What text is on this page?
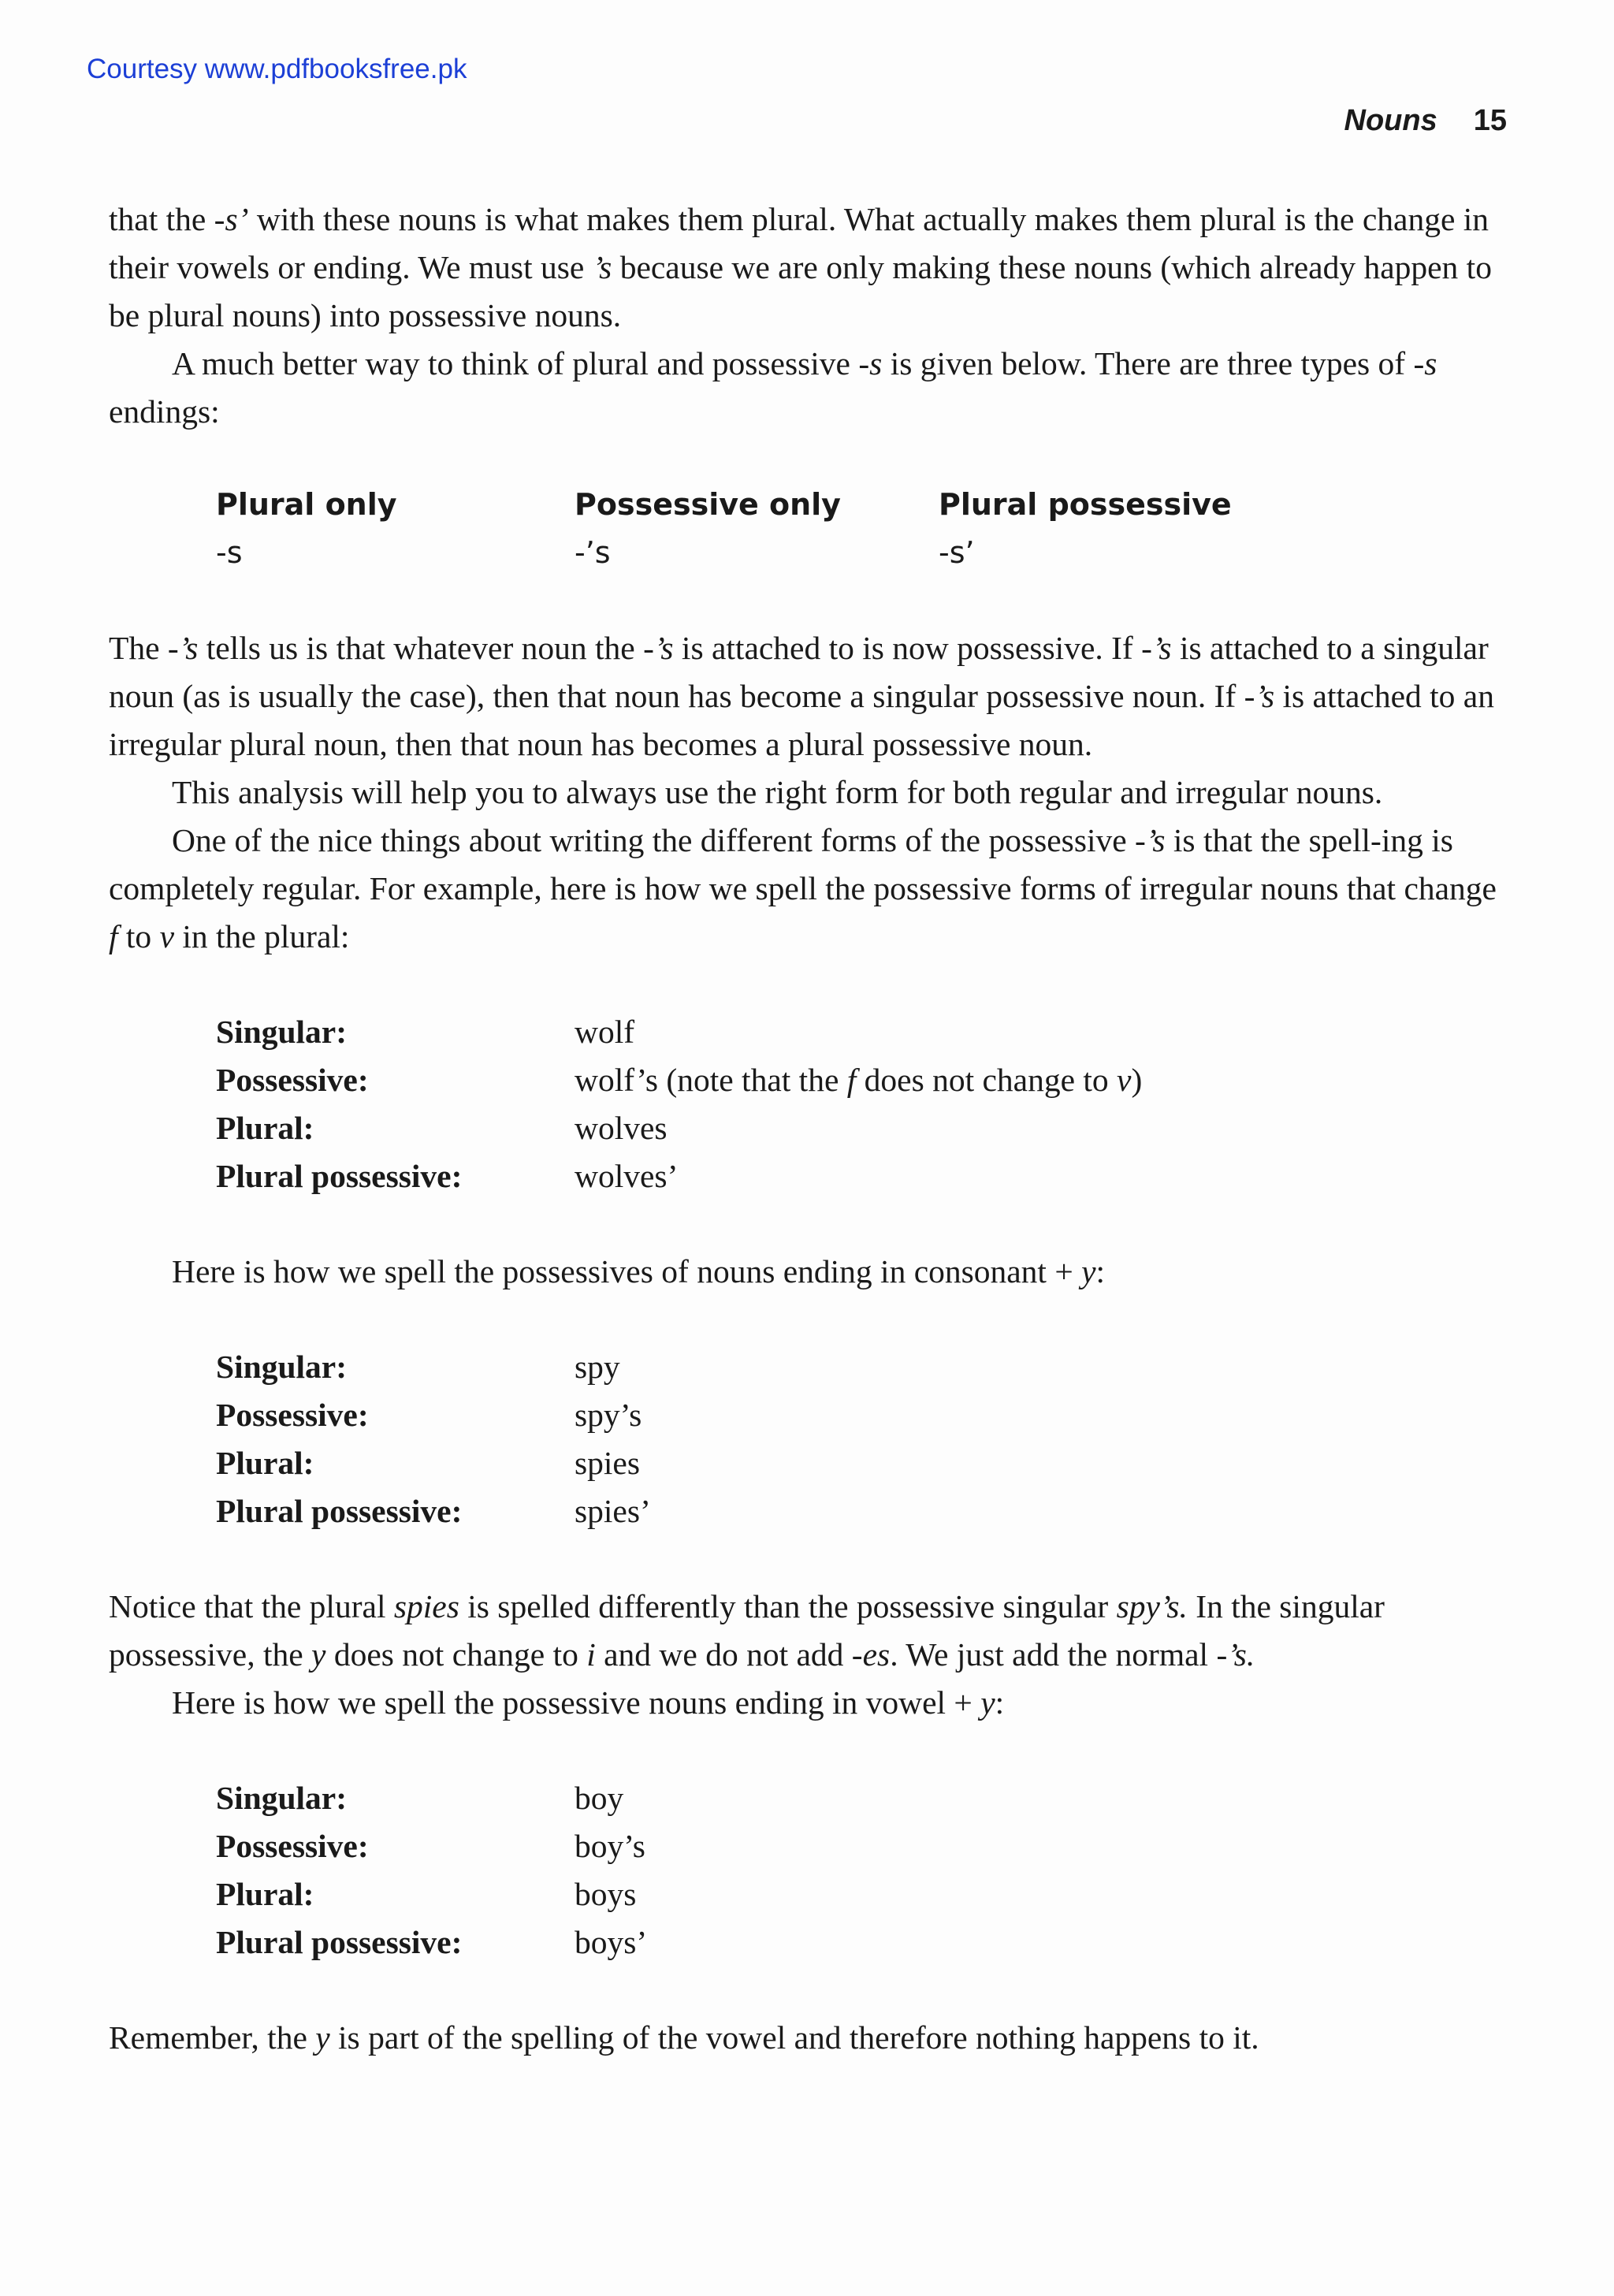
Courtesy www.pdfbooksfree.pk
Nouns 15

that the -s’ with these nouns is what makes them plural. What actually makes them plural is the change in their vowels or ending. We must use ’s because we are only making these nouns (which already happen to be plural nouns) into possessive nouns.

A much better way to think of plural and possessive -s is given below. There are three types of -s endings:

Plural only	Possessive only	Plural possessive
-s	-’s	-s’

The -’s tells us is that whatever noun the -’s is attached to is now possessive. If -’s is attached to a singular noun (as is usually the case), then that noun has become a singular possessive noun. If -’s is attached to an irregular plural noun, then that noun has becomes a plural possessive noun.

This analysis will help you to always use the right form for both regular and irregular nouns.

One of the nice things about writing the different forms of the possessive -’s is that the spell-ing is completely regular. For example, here is how we spell the possessive forms of irregular nouns that change f to v in the plural:

Singular:	wolf
Possessive:	wolf’s (note that the f does not change to v)
Plural:	wolves
Plural possessive:	wolves’

Here is how we spell the possessives of nouns ending in consonant + y:

Singular:	spy
Possessive:	spy’s
Plural:	spies
Plural possessive:	spies’

Notice that the plural spies is spelled differently than the possessive singular spy’s. In the singular possessive, the y does not change to i and we do not add -es. We just add the normal -’s.

Here is how we spell the possessive nouns ending in vowel + y:

Singular:	boy
Possessive:	boy’s
Plural:	boys
Plural possessive:	boys’

Remember, the y is part of the spelling of the vowel and therefore nothing happens to it.
